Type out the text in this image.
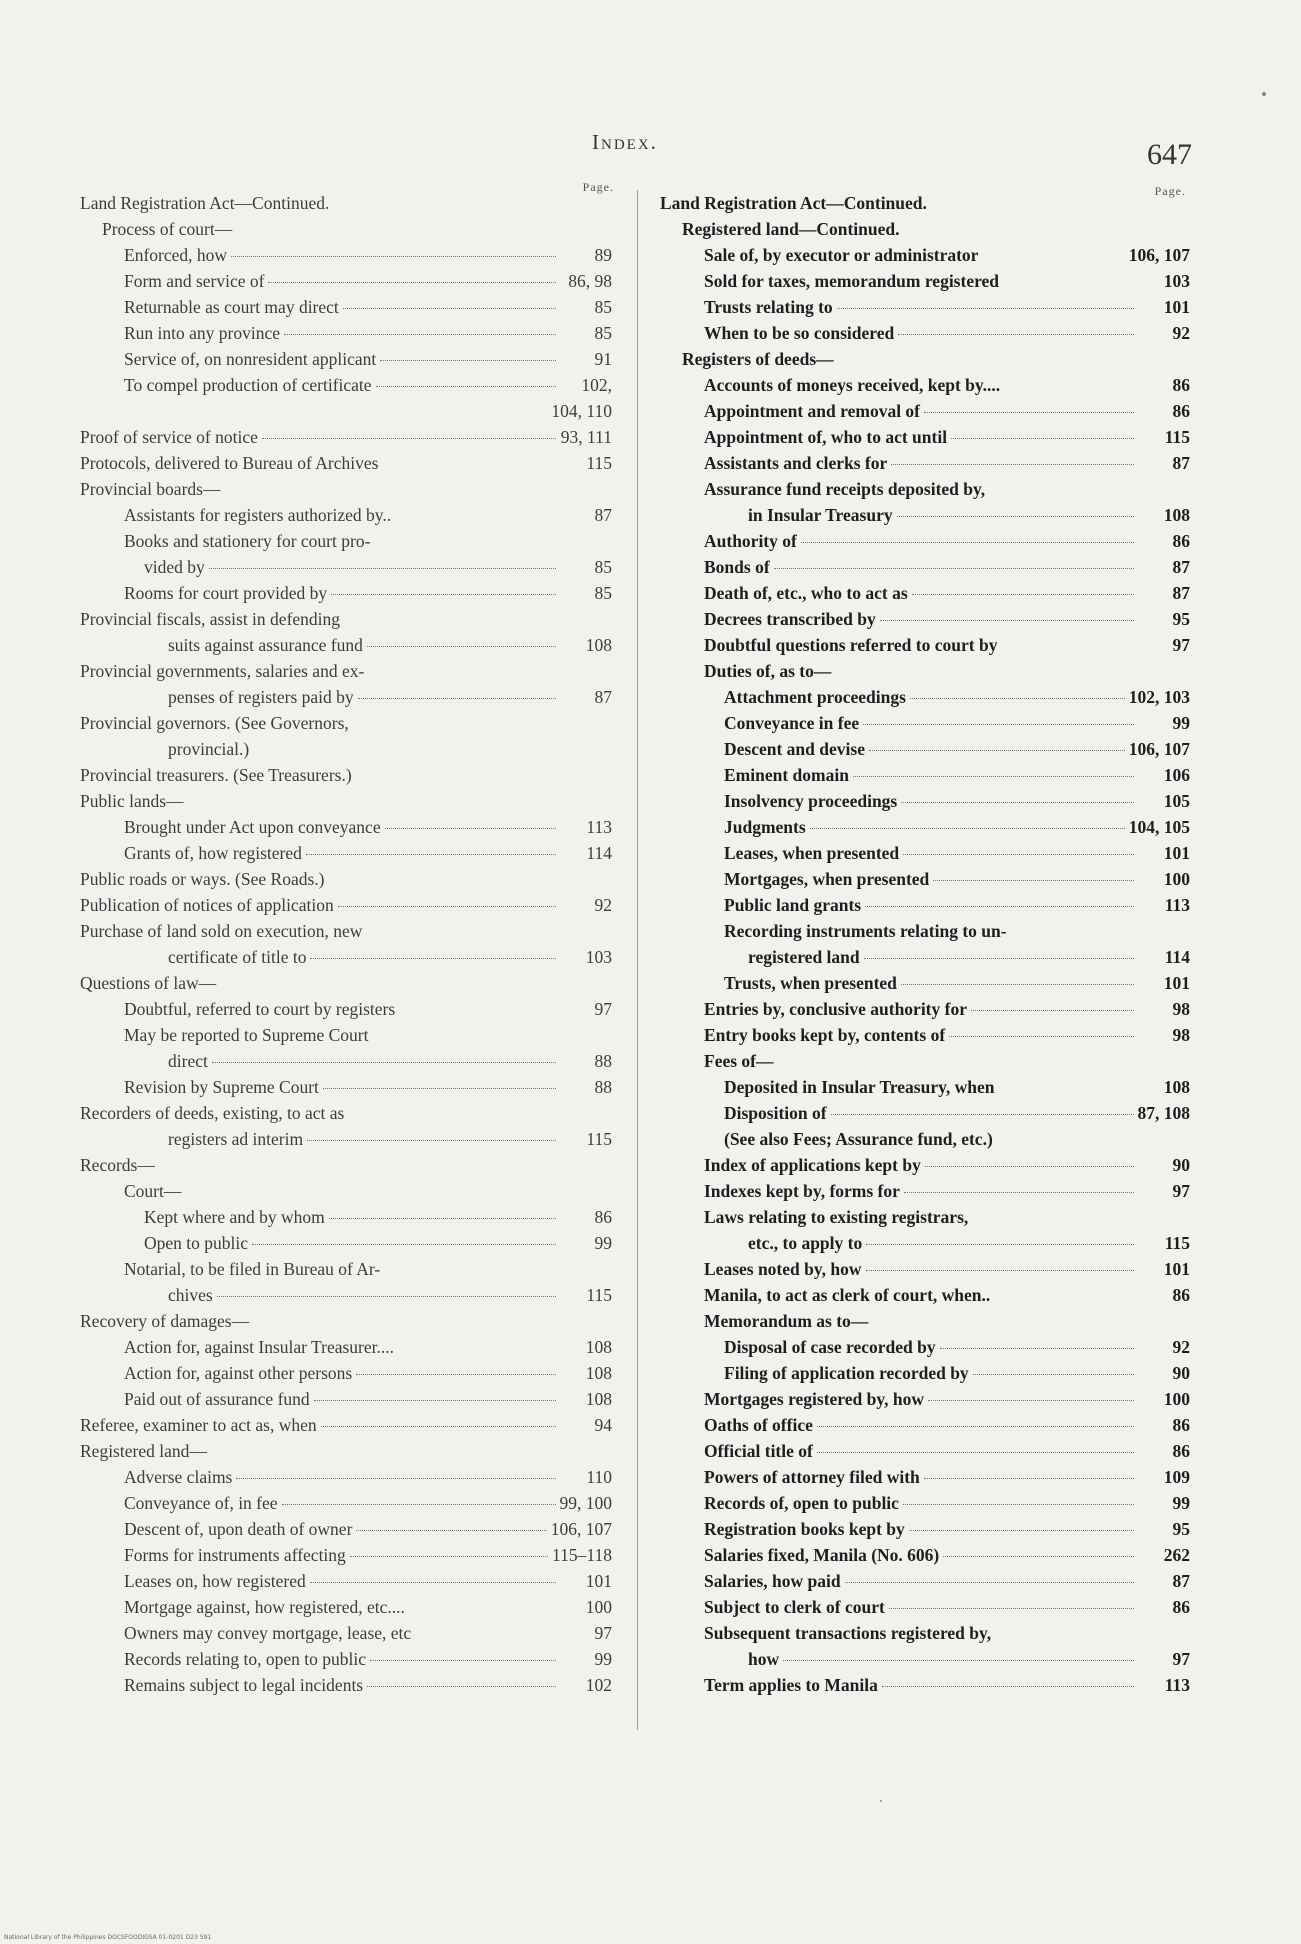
Index.	647
Page.
Land Registration Act—Continued.
Process of court—
Enforced, how	89
Form and service of	86, 98
Returnable as court may direct	85
Run into any province	85
Service of, on nonresident applicant	91
To compel production of certificate	102,
104, 110
Proof of service of notice	93, 111
Protocols, delivered to Bureau of Archives	115
Provincial boards—
Assistants for registers authorized by..	87
Books and stationery for court pro-
vided by	85
Rooms for court provided by	85
Provincial fiscals, assist in defending
suits against assurance fund	108
Provincial governments, salaries and ex-
penses of registers paid by	87
Provincial governors. (See Governors,
provincial.)
Provincial treasurers. (See Treasurers.)
Public lands—
Brought under Act upon conveyance	113
Grants of, how registered	114
Public roads or ways. (See Roads.)
Publication of notices of application	92
Purchase of land sold on execution, new
certificate of title to	103
Questions of law—
Doubtful, referred to court by registers	97
May be reported to Supreme Court
direct	88
Revision by Supreme Court	88
Recorders of deeds, existing, to act as
registers ad interim	115
Records—
Court—
Kept where and by whom	86
Open to public	99
Notarial, to be filed in Bureau of Ar-
chives	115
Recovery of damages—
Action for, against Insular Treasurer....	108
Action for, against other persons	108
Paid out of assurance fund	108
Referee, examiner to act as, when	94
Registered land—
Adverse claims	110
Conveyance of, in fee	99, 100
Descent of, upon death of owner	106, 107
Forms for instruments affecting	115–118
Leases on, how registered	101
Mortgage against, how registered, etc....	100
Owners may convey mortgage, lease, etc	97
Records relating to, open to public	99
Remains subject to legal incidents	102
Page.
Land Registration Act—Continued.
Registered land—Continued.
Sale of, by executor or administrator	106, 107
Sold for taxes, memorandum registered	103
Trusts relating to	101
When to be so considered	92
Registers of deeds—
Accounts of moneys received, kept by....	86
Appointment and removal of	86
Appointment of, who to act until	115
Assistants and clerks for	87
Assurance fund receipts deposited by,
in Insular Treasury	108
Authority of	86
Bonds of	87
Death of, etc., who to act as	87
Decrees transcribed by	95
Doubtful questions referred to court by	97
Duties of, as to—
Attachment proceedings	102, 103
Conveyance in fee	99
Descent and devise	106, 107
Eminent domain	106
Insolvency proceedings	105
Judgments	104, 105
Leases, when presented	101
Mortgages, when presented	100
Public land grants	113
Recording instruments relating to un-
registered land	114
Trusts, when presented	101
Entries by, conclusive authority for	98
Entry books kept by, contents of	98
Fees of—
Deposited in Insular Treasury, when	108
Disposition of	87, 108
(See also Fees; Assurance fund, etc.)
Index of applications kept by	90
Indexes kept by, forms for	97
Laws relating to existing registrars,
etc., to apply to	115
Leases noted by, how	101
Manila, to act as clerk of court, when..	86
Memorandum as to—
Disposal of case recorded by	92
Filing of application recorded by	90
Mortgages registered by, how	100
Oaths of office	86
Official title of	86
Powers of attorney filed with	109
Records of, open to public	99
Registration books kept by	95
Salaries fixed, Manila (No. 606)	262
Salaries, how paid	87
Subject to clerk of court	86
Subsequent transactions registered by,
how	97
Term applies to Manila	113
National Library of the Philippines DOCSFOODIGSA 01-0201 D23 S91
